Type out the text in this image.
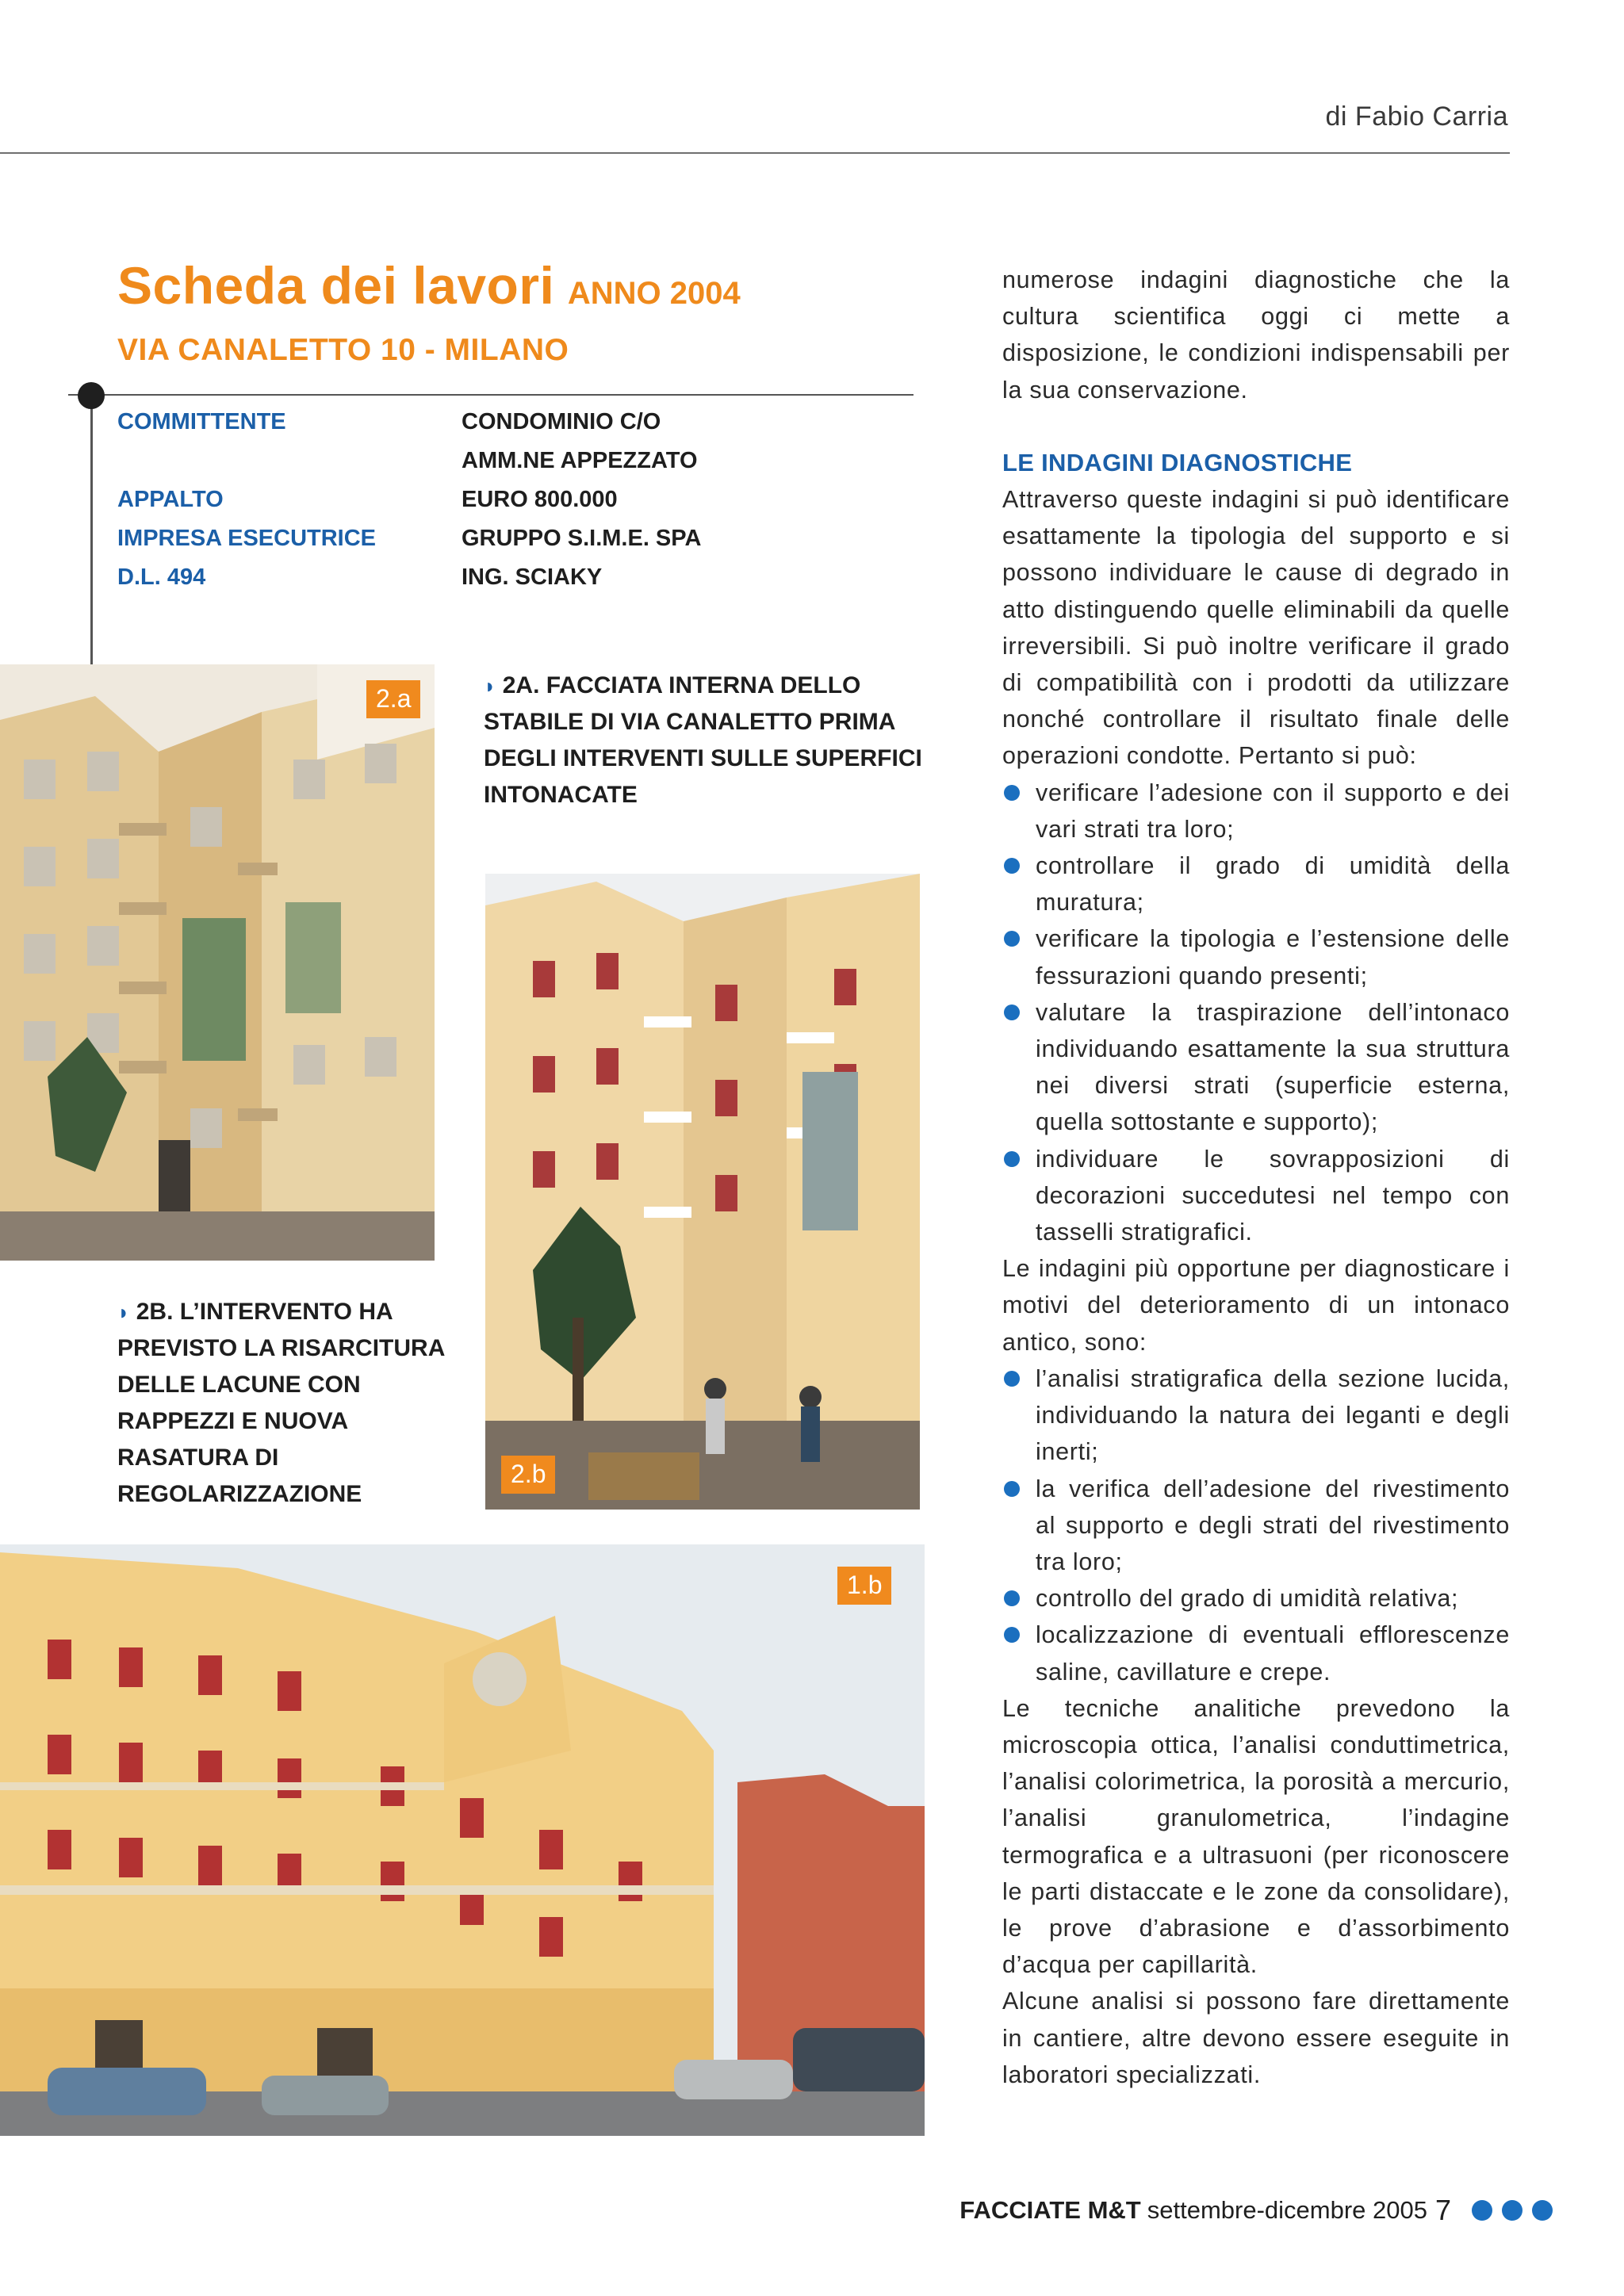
di Fabio Carria
Scheda dei lavori ANNO 2004
VIA CANALETTO 10 - MILANO
COMMITTENTE	CONDOMINIO C/O
AMM.NE APPEZZATO
APPALTO	EURO 800.000
IMPRESA ESECUTRICE	GRUPPO S.I.M.E. SPA
D.L. 494	ING. SCIAKY
2.a	◗ 2A. FACCIATA INTERNA DELLO
STABILE DI VIA CANALETTO PRIMA
DEGLI INTERVENTI SULLE SUPERFICI
INTONACATE
2.b
◗ 2B. L’INTERVENTO HA
PREVISTO LA RISARCITURA
DELLE LACUNE CON
RAPPEZZI E NUOVA
RASATURA DI
REGOLARIZZAZIONE
1.b

numerose indagini diagnostiche che la cultura scientifica oggi ci mette a disposizione, le condizioni indispensabili per la sua conservazione.

LE INDAGINI DIAGNOSTICHE

Attraverso queste indagini si può identificare esattamente la tipologia del supporto e si possono individuare le cause di degrado in atto distinguendo quelle eliminabili da quelle irreversibili. Si può inoltre verificare il grado di compatibilità con i prodotti da utilizzare nonché controllare il risultato finale delle operazioni condotte. Pertanto si può:

verificare l’adesione con il supporto e dei vari strati tra loro;
controllare il grado di umidità della muratura;
verificare la tipologia e l’estensione delle fessurazioni quando presenti;
valutare la traspirazione dell’intonaco individuando esattamente la sua struttura nei diversi strati (superficie esterna, quella sottostante e supporto);
individuare le sovrapposizioni di decorazioni succedutesi nel tempo con tasselli stratigrafici.

Le indagini più opportune per diagnosticare i motivi del deterioramento di un intonaco antico, sono:

l’analisi stratigrafica della sezione lucida, individuando la natura dei leganti e degli inerti;
la verifica dell’adesione del rivestimento al supporto e degli strati del rivestimento tra loro;
controllo del grado di umidità relativa;
localizzazione di eventuali efflorescenze saline, cavillature e crepe.

Le tecniche analitiche prevedono la microscopia ottica, l’analisi conduttimetrica, l’analisi colorimetrica, la porosità a mercurio, l’analisi granulometrica, l’indagine termografica e a ultrasuoni (per riconoscere le parti distaccate e le zone da consolidare), le prove d’abrasione e d’assorbimento d’acqua per capillarità.

Alcune analisi si possono fare direttamente in cantiere, altre devono essere eseguite in laboratori specializzati.

FACCIATE M&T settembre-dicembre 2005 7
